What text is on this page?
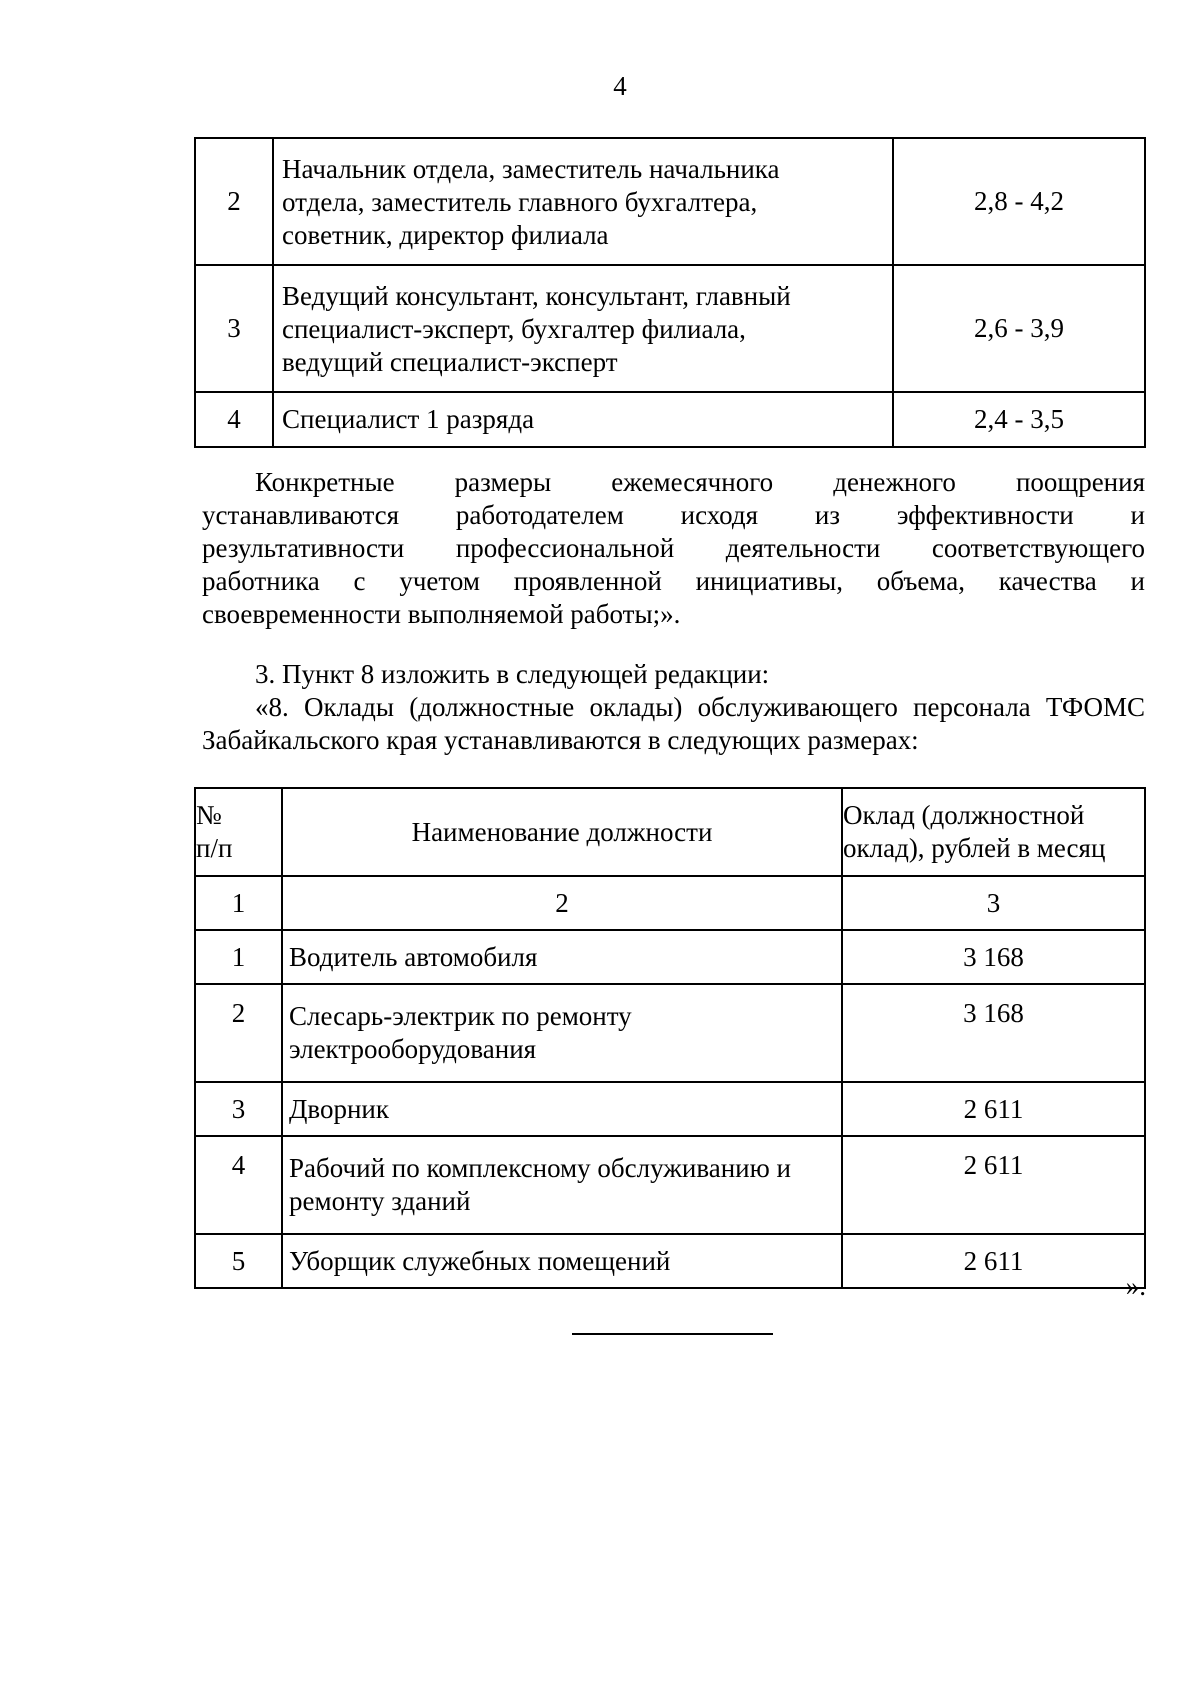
4
2	Начальник отдела, заместитель начальника
отдела, заместитель главного бухгалтера,
советник, директор филиала	2,8 - 4,2
3	Ведущий консультант, консультант, главный
специалист-эксперт, бухгалтер филиала,
ведущий специалист-эксперт	2,6 - 3,9
4	Специалист 1 разряда	2,4 - 3,5
Конкретные размеры ежемесячного денежного поощрения
устанавливаются работодателем исходя из эффективности и
результативности профессиональной деятельности соответствующего
работника с учетом проявленной инициативы, объема, качества и
своевременности выполняемой работы;».
3. Пункт 8 изложить в следующей редакции:
«8. Оклады (должностные оклады) обслуживающего персонала ТФОМС
Забайкальского края устанавливаются в следующих размерах:
№
п/п	Наименование должности	Оклад (должностной
оклад), рублей в месяц

1	2	3
1	Водитель автомобиля	3 168
2	Слесарь-электрик по ремонту
электрооборудования	3 168
3	Дворник	2 611
4	Рабочий по комплексному обслуживанию и
ремонту зданий	2 611
5	Уборщик служебных помещений	2 611
».
